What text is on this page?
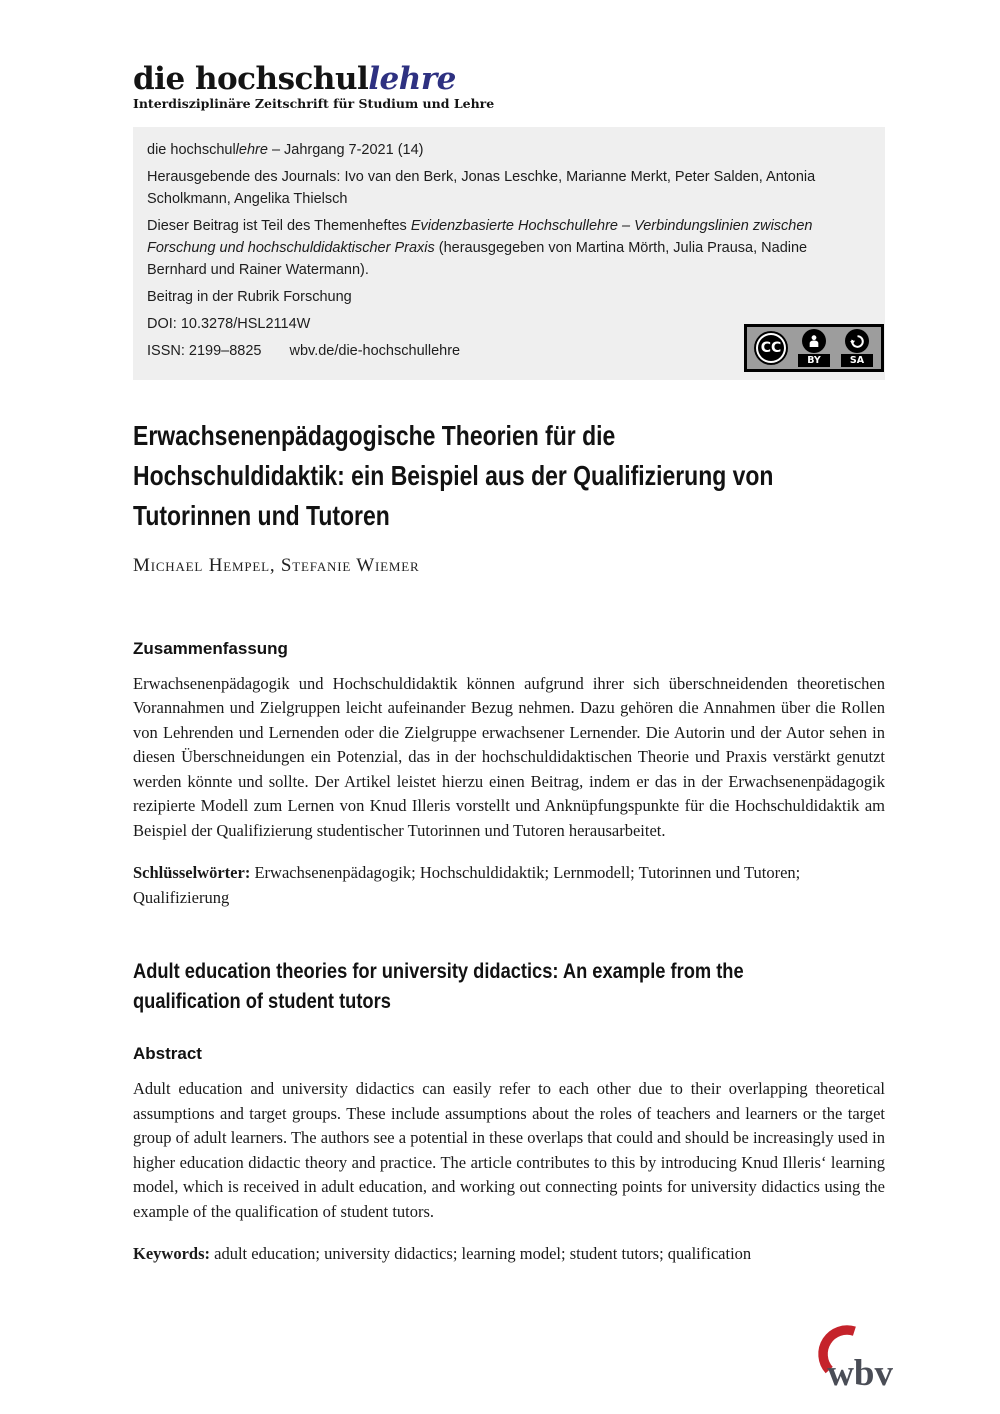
die hochschullehre
Interdisziplinäre Zeitschrift für Studium und Lehre

die hochschullehre – Jahrgang 7-2021 (14)

Herausgebende des Journals: Ivo van den Berk, Jonas Leschke, Marianne Merkt, Peter Salden, Antonia Scholkmann, Angelika Thielsch

Dieser Beitrag ist Teil des Themenheftes Evidenzbasierte Hochschullehre – Verbindungslinien zwischen Forschung und hochschuldidaktischer Praxis (herausgegeben von Martina Mörth, Julia Prausa, Nadine Bernhard und Rainer Watermann).

Beitrag in der Rubrik Forschung

DOI: 10.3278/HSL2114W

ISSN: 2199–8825 wbv.de/die-hochschullehre	CC
BY	SA
Erwachsenenpädagogische Theorien für die
Hochschuldidaktik: ein Beispiel aus der Qualifizierung von
Tutorinnen und Tutoren
Michael Hempel, Stefanie Wiemer
Zusammenfassung

Erwachsenenpädagogik und Hochschuldidaktik können aufgrund ihrer sich überschneidenden theoretischen Vorannahmen und Zielgruppen leicht aufeinander Bezug nehmen. Dazu gehören die Annahmen über die Rollen von Lehrenden und Lernenden oder die Zielgruppe erwachsener Lernender. Die Autorin und der Autor sehen in diesen Überschneidungen ein Potenzial, das in der hochschuldidaktischen Theorie und Praxis verstärkt genutzt werden könnte und sollte. Der Artikel leistet hierzu einen Beitrag, indem er das in der Erwachsenenpädagogik rezipierte Modell zum Lernen von Knud Illeris vorstellt und Anknüpfungspunkte für die Hochschuldidaktik am Beispiel der Qualifizierung studentischer Tutorinnen und Tutoren herausarbeitet.

Schlüsselwörter: Erwachsenenpädagogik; Hochschuldidaktik; Lernmodell; Tutorinnen und Tutoren; Qualifizierung

Adult education theories for university didactics: An example from the
qualification of student tutors
Abstract

Adult education and university didactics can easily refer to each other due to their overlapping theoretical assumptions and target groups. These include assumptions about the roles of teachers and learners or the target group of adult learners. The authors see a potential in these overlaps that could and should be increasingly used in higher education didactic theory and practice. The article contributes to this by introducing Knud Illeris‘ learning model, which is received in adult education, and working out connecting points for university didactics using the example of the qualification of student tutors.

Keywords: adult education; university didactics; learning model; student tutors; qualification

wbv
